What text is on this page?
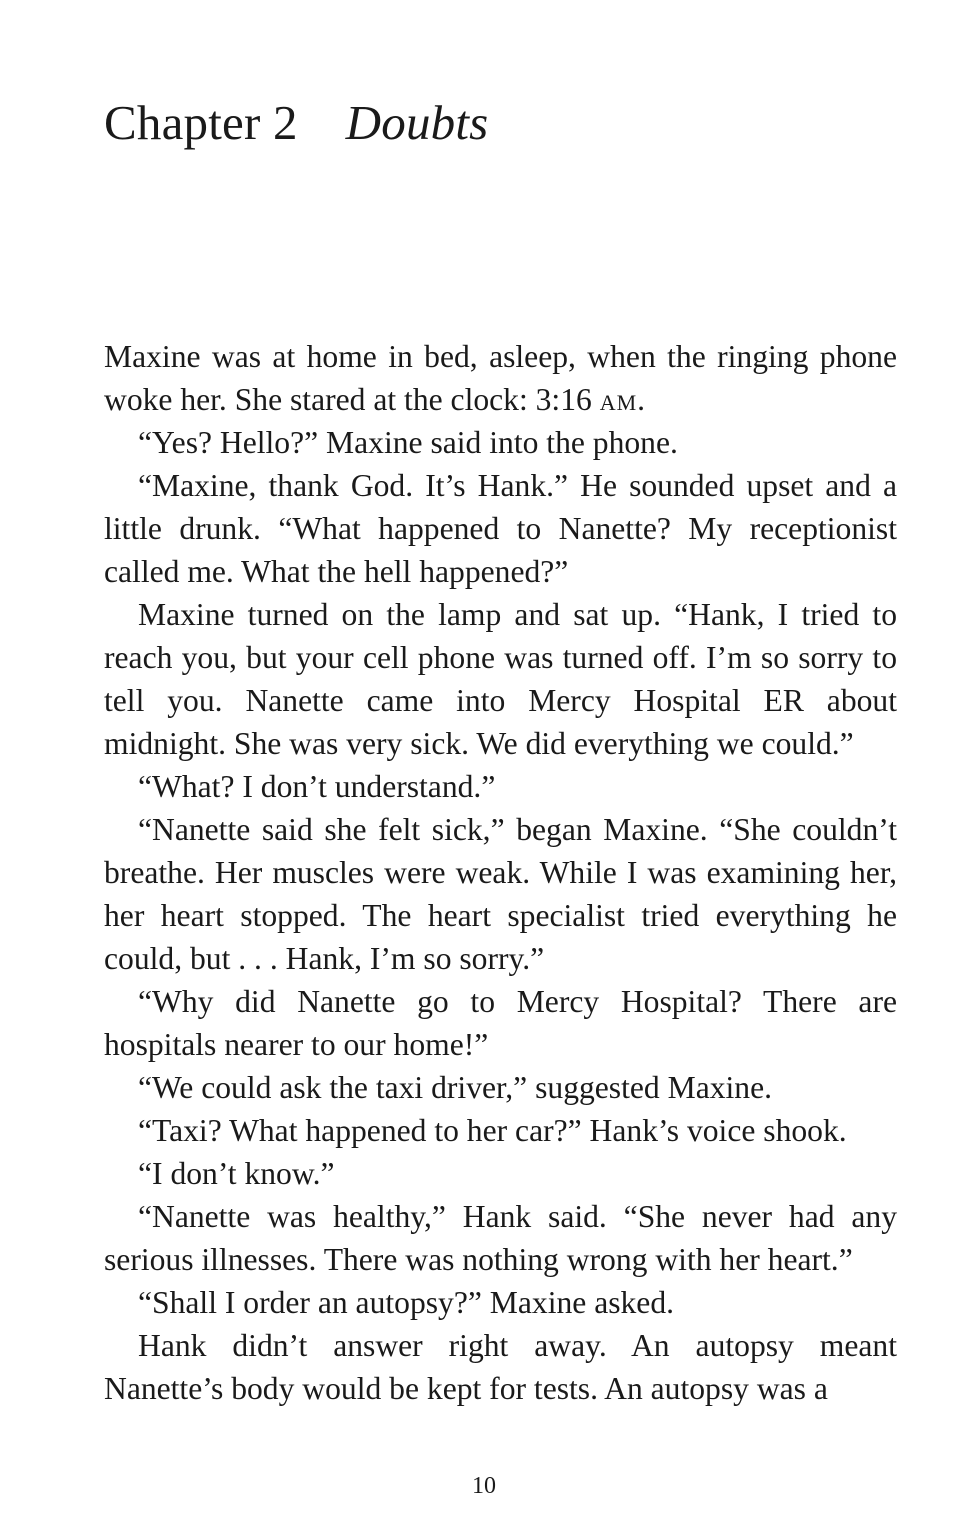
Chapter 2 Doubts

Maxine was at home in bed, asleep, when the ringing phone woke her. She stared at the clock: 3:16 am.

“Yes? Hello?” Maxine said into the phone.

“Maxine, thank God. It’s Hank.” He sounded upset and a little drunk. “What happened to Nanette? My receptionist called me. What the hell happened?”

Maxine turned on the lamp and sat up. “Hank, I tried to reach you, but your cell phone was turned off. I’m so sorry to tell you. Nanette came into Mercy Hospital ER about midnight. She was very sick. We did everything we could.”

“What? I don’t understand.”

“Nanette said she felt sick,” began Maxine. “She couldn’t breathe. Her muscles were weak. While I was examining her, her heart stopped. The heart specialist tried everything he could, but . . . Hank, I’m so sorry.”

“Why did Nanette go to Mercy Hospital? There are hospitals nearer to our home!”

“We could ask the taxi driver,” suggested Maxine.

“Taxi? What happened to her car?” Hank’s voice shook.

“I don’t know.”

“Nanette was healthy,” Hank said. “She never had any serious illnesses. There was nothing wrong with her heart.”

“Shall I order an autopsy?” Maxine asked.

Hank didn’t answer right away. An autopsy meant Nanette’s body would be kept for tests. An autopsy was a

10
